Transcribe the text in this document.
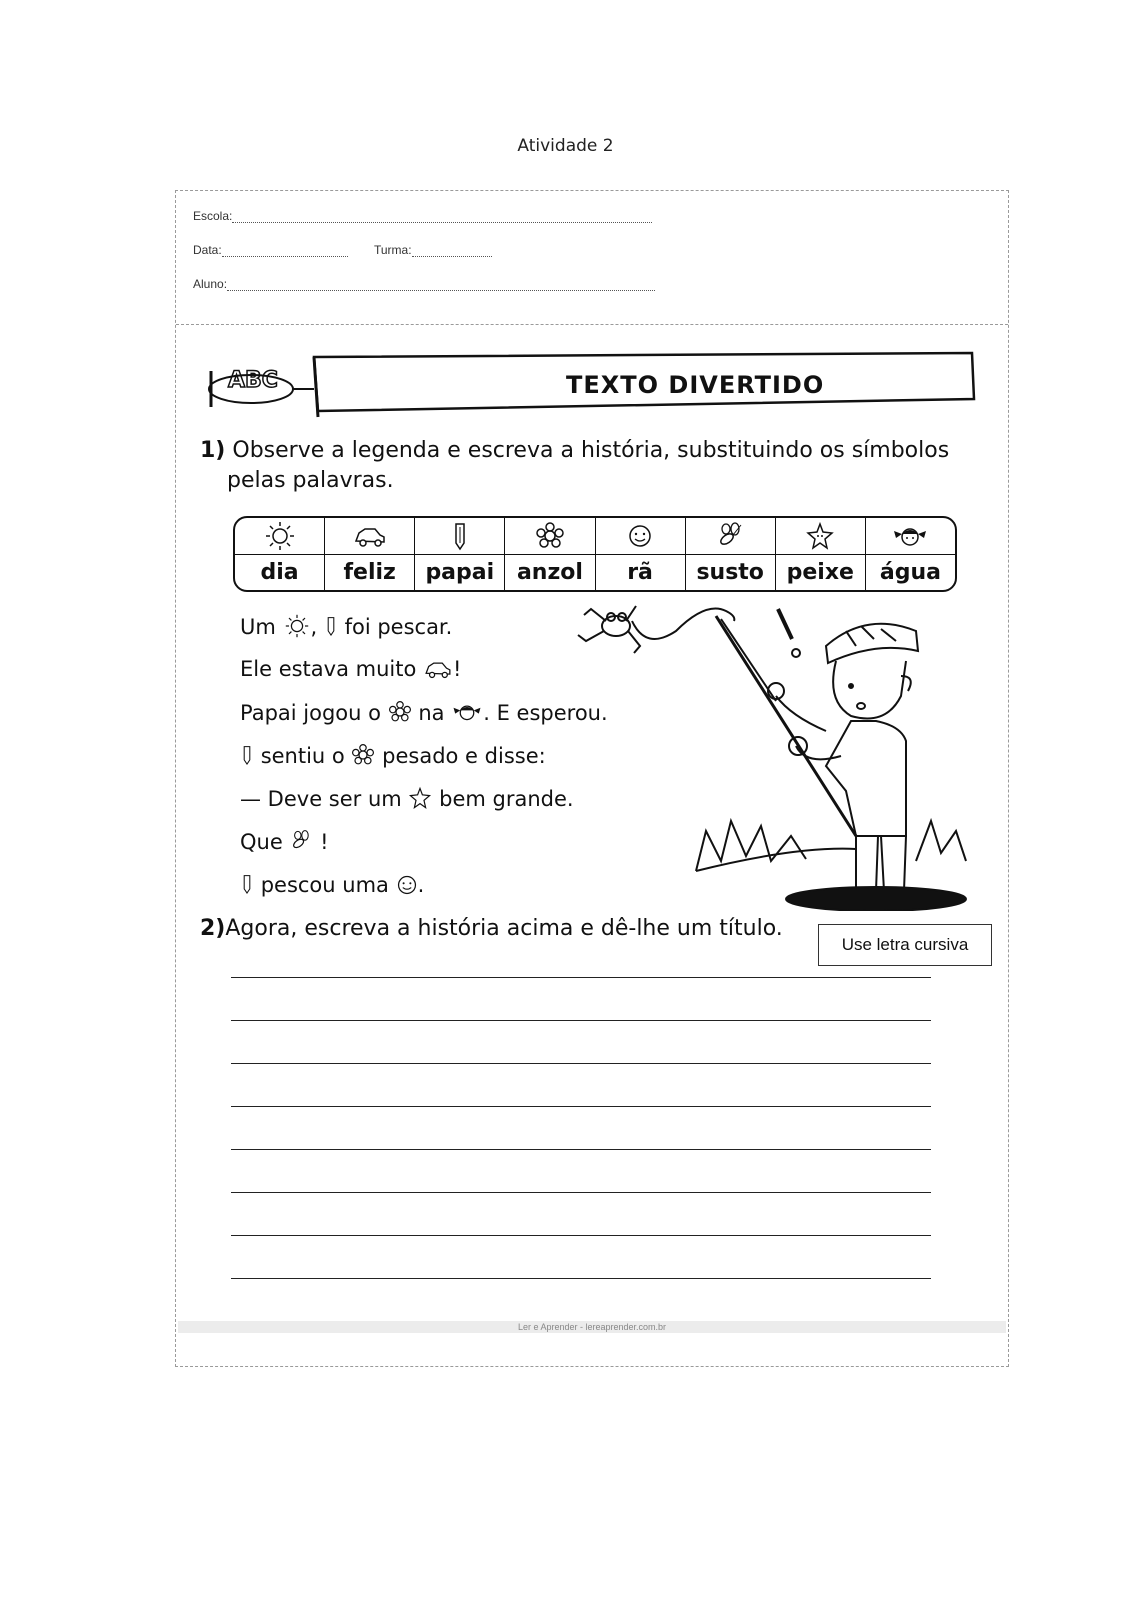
Atividade 2
Escola:
Data:	Turma:
Aluno:
ABC	TEXTO DIVERTIDO
1) Observe a legenda e escreva a história, substituindo os símbolos
pelas palavras.
dia	feliz	papai	anzol	rã	susto	peixe	água
Um , foi pescar.
Ele estava muito !
Papai jogou o na . E esperou.
sentiu o pesado e disse:
— Deve ser um bem grande.
Que !
pescou uma .
2)Agora, escreva a história acima e dê-lhe um título.
Use letra cursiva
Ler e Aprender - lereaprender.com.br
